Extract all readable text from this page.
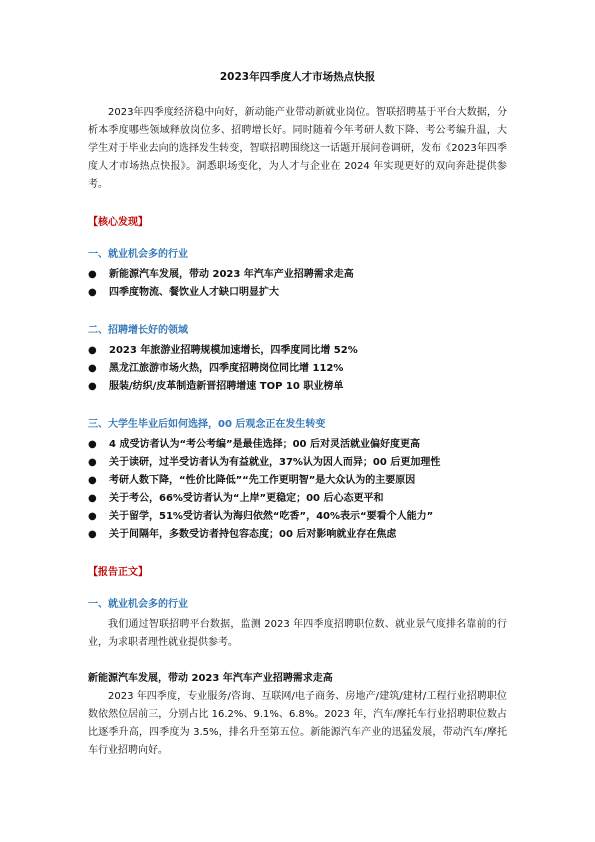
2023年四季度人才市场热点快报

2023年四季度经济稳中向好，新动能产业带动新就业岗位。智联招聘基于平台大数据，分析本季度哪些领域释放岗位多、招聘增长好。同时随着今年考研人数下降、考公考编升温，大学生对于毕业去向的选择发生转变，智联招聘围绕这一话题开展问卷调研，发布《2023年四季度人才市场热点快报》。洞悉职场变化，为人才与企业在 2024 年实现更好的双向奔赴提供参考。

【核心发现】
一、就业机会多的行业
● 新能源汽车发展，带动 2023 年汽车产业招聘需求走高
● 四季度物流、餐饮业人才缺口明显扩大
二、招聘增长好的领域
● 2023 年旅游业招聘规模加速增长，四季度同比增 52%
● 黑龙江旅游市场火热，四季度招聘岗位同比增 112%
● 服装/纺织/皮革制造新晋招聘增速 TOP 10 职业榜单
三、大学生毕业后如何选择，00 后观念正在发生转变
● 4 成受访者认为“考公考编”是最佳选择；00 后对灵活就业偏好度更高
● 关于读研，过半受访者认为有益就业，37%认为因人而异；00 后更加理性
● 考研人数下降，“性价比降低”“先工作更明智”是大众认为的主要原因
● 关于考公，66%受访者认为“上岸”更稳定；00 后心态更平和
● 关于留学，51%受访者认为海归依然“吃香”，40%表示“要看个人能力”
● 关于间隔年，多数受访者持包容态度；00 后对影响就业存在焦虑
【报告正文】
一、就业机会多的行业

我们通过智联招聘平台数据，监测 2023 年四季度招聘职位数、就业景气度排名靠前的行业，为求职者理性就业提供参考。

新能源汽车发展，带动 2023 年汽车产业招聘需求走高

2023 年四季度，专业服务/咨询、互联网/电子商务、房地产/建筑/建材/工程行业招聘职位数依然位居前三，分别占比 16.2%、9.1%、6.8%。2023 年，汽车/摩托车行业招聘职位数占比逐季升高，四季度为 3.5%，排名升至第五位。新能源汽车产业的迅猛发展，带动汽车/摩托车行业招聘向好。
